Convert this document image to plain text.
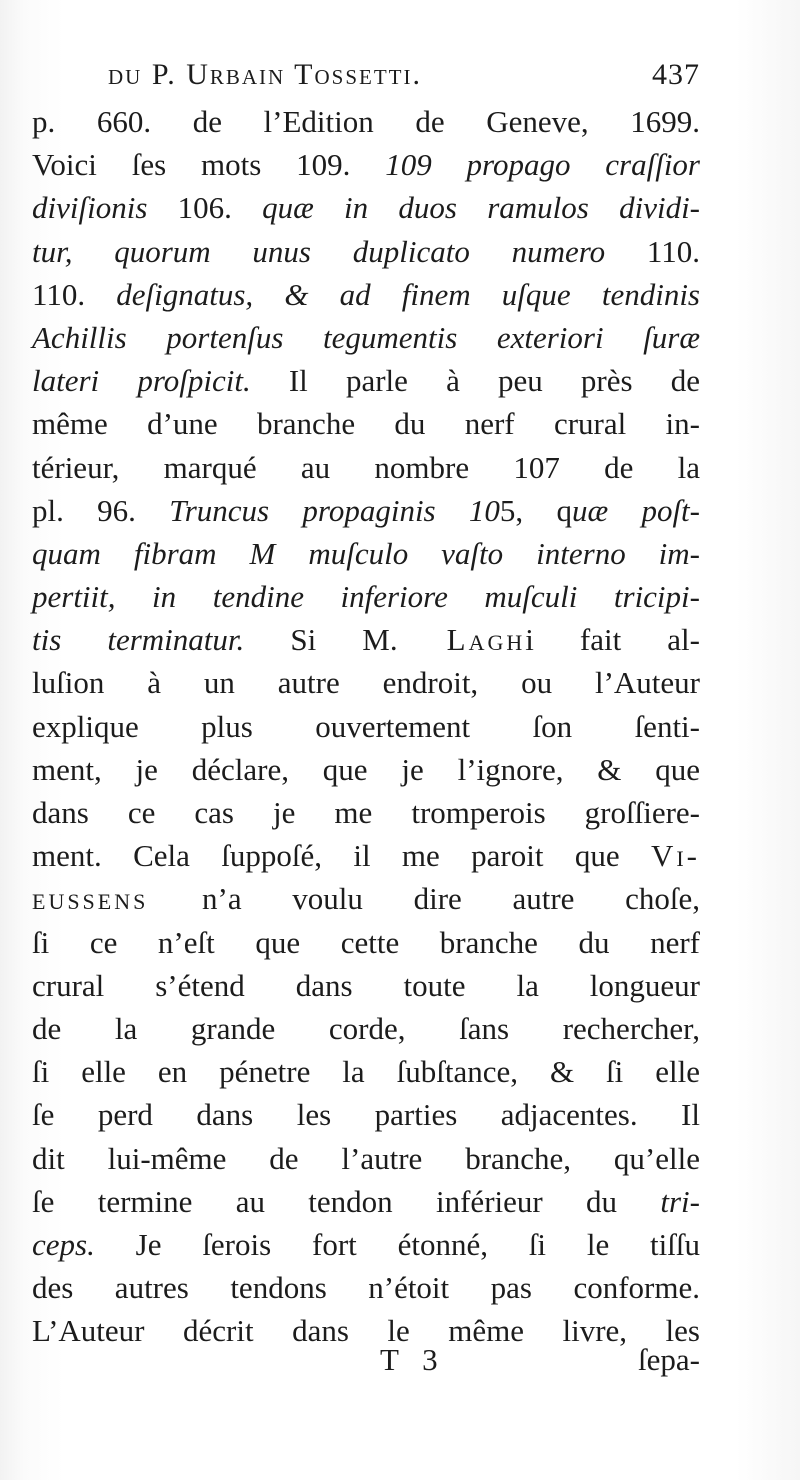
du P. Urbain Tossetti.	437
p. 660. de l’Edition de Geneve, 1699.
Voici ſes mots 109. 109 propago craſſior
diviſionis 106. quæ in duos ramulos dividi-
tur, quorum unus duplicato numero 110.
110. deſignatus, & ad finem uſque tendinis
Achillis portenſus tegumentis exteriori ſuræ
lateri proſpicit. Il parle à peu près de
même d’une branche du nerf crural in-
térieur, marqué au nombre 107 de la
pl. 96. Truncus propaginis 105, quæ poſt-
quam fibram M muſculo vaſto interno im-
pertiit, in tendine inferiore muſculi tricipi-
tis terminatur. Si M. Laghi fait al-
luſion à un autre endroit, ou l’Auteur
explique plus ouvertement ſon ſenti-
ment, je déclare, que je l’ignore, & que
dans ce cas je me tromperois groſſiere-
ment. Cela ſuppoſé, il me paroit que Vi-
eussens n’a voulu dire autre choſe,
ſi ce n’eſt que cette branche du nerf
crural s’étend dans toute la longueur
de la grande corde, ſans rechercher,
ſi elle en pénetre la ſubſtance, & ſi elle
ſe perd dans les parties adjacentes. Il
dit lui-même de l’autre branche, qu’elle
ſe termine au tendon inférieur du tri-
ceps. Je ſerois fort étonné, ſi le tiſſu
des autres tendons n’étoit pas conforme.
L’Auteur décrit dans le même livre, les
T 3	ſepa-
